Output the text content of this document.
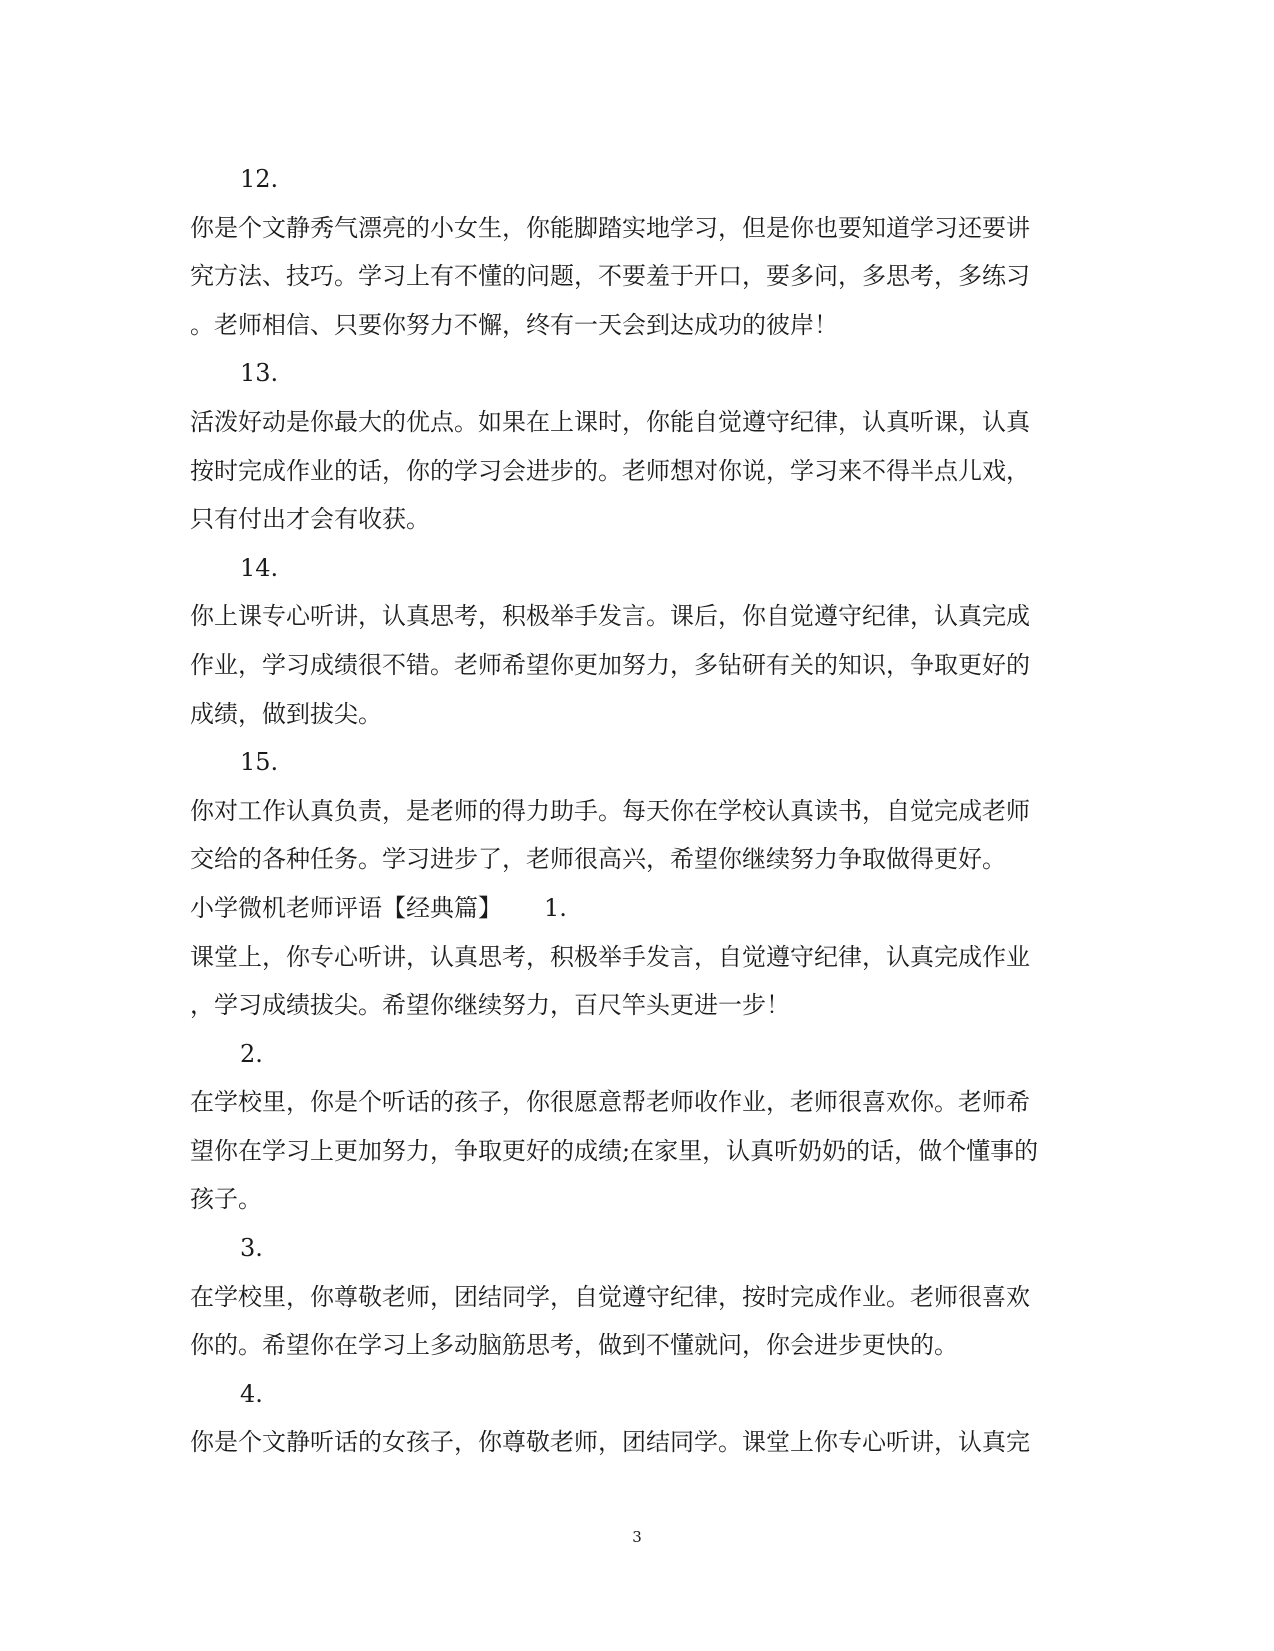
12.

你是个文静秀气漂亮的小女生，你能脚踏实地学习，但是你也要知道学习还要讲

究方法、技巧。学习上有不懂的问题，不要羞于开口，要多问，多思考，多练习

。老师相信、只要你努力不懈，终有一天会到达成功的彼岸！

13.

活泼好动是你最大的优点。如果在上课时，你能自觉遵守纪律，认真听课，认真

按时完成作业的话，你的学习会进步的。老师想对你说，学习来不得半点儿戏，

只有付出才会有收获。

14.

你上课专心听讲，认真思考，积极举手发言。课后，你自觉遵守纪律，认真完成

作业，学习成绩很不错。老师希望你更加努力，多钻研有关的知识，争取更好的

成绩，做到拔尖。

15.

你对工作认真负责，是老师的得力助手。每天你在学校认真读书，自觉完成老师

交给的各种任务。学习进步了，老师很高兴，希望你继续努力争取做得更好。

小学微机老师评语【经典篇】 1.

课堂上，你专心听讲，认真思考，积极举手发言，自觉遵守纪律，认真完成作业

，学习成绩拔尖。希望你继续努力，百尺竿头更进一步！

2.

在学校里，你是个听话的孩子，你很愿意帮老师收作业，老师很喜欢你。老师希

望你在学习上更加努力，争取更好的成绩;在家里，认真听奶奶的话，做个懂事的

孩子。

3.

在学校里，你尊敬老师，团结同学，自觉遵守纪律，按时完成作业。老师很喜欢

你的。希望你在学习上多动脑筋思考，做到不懂就问，你会进步更快的。

4.

你是个文静听话的女孩子，你尊敬老师，团结同学。课堂上你专心听讲，认真完

3
